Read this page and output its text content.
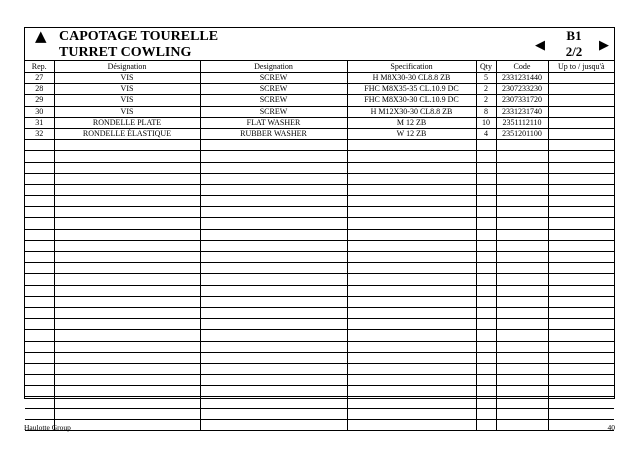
▲ CAPOTAGE TOURELLE
TURRET COWLING	◀
B1
2/2	▶
Rep.	Désignation	Designation	Specification	Qty	Code	Up to / jusqu'à
27	VIS	SCREW	H M8X30-30 CL8.8 ZB	5	2331231440	
28	VIS	SCREW	FHC M8X35-35 CL.10.9 DC	2	2307233230	
29	VIS	SCREW	FHC M8X30-30 CL.10.9 DC	2	2307331720	
30	VIS	SCREW	H M12X30-30 CL8.8 ZB	8	2331231740	
31	RONDELLE PLATE	FLAT WASHER	M 12 ZB	10	2351112110	
32	RONDELLE ÉLASTIQUE	RUBBER WASHER	W 12 ZB	4	2351201100	

Haulotte Group	40
